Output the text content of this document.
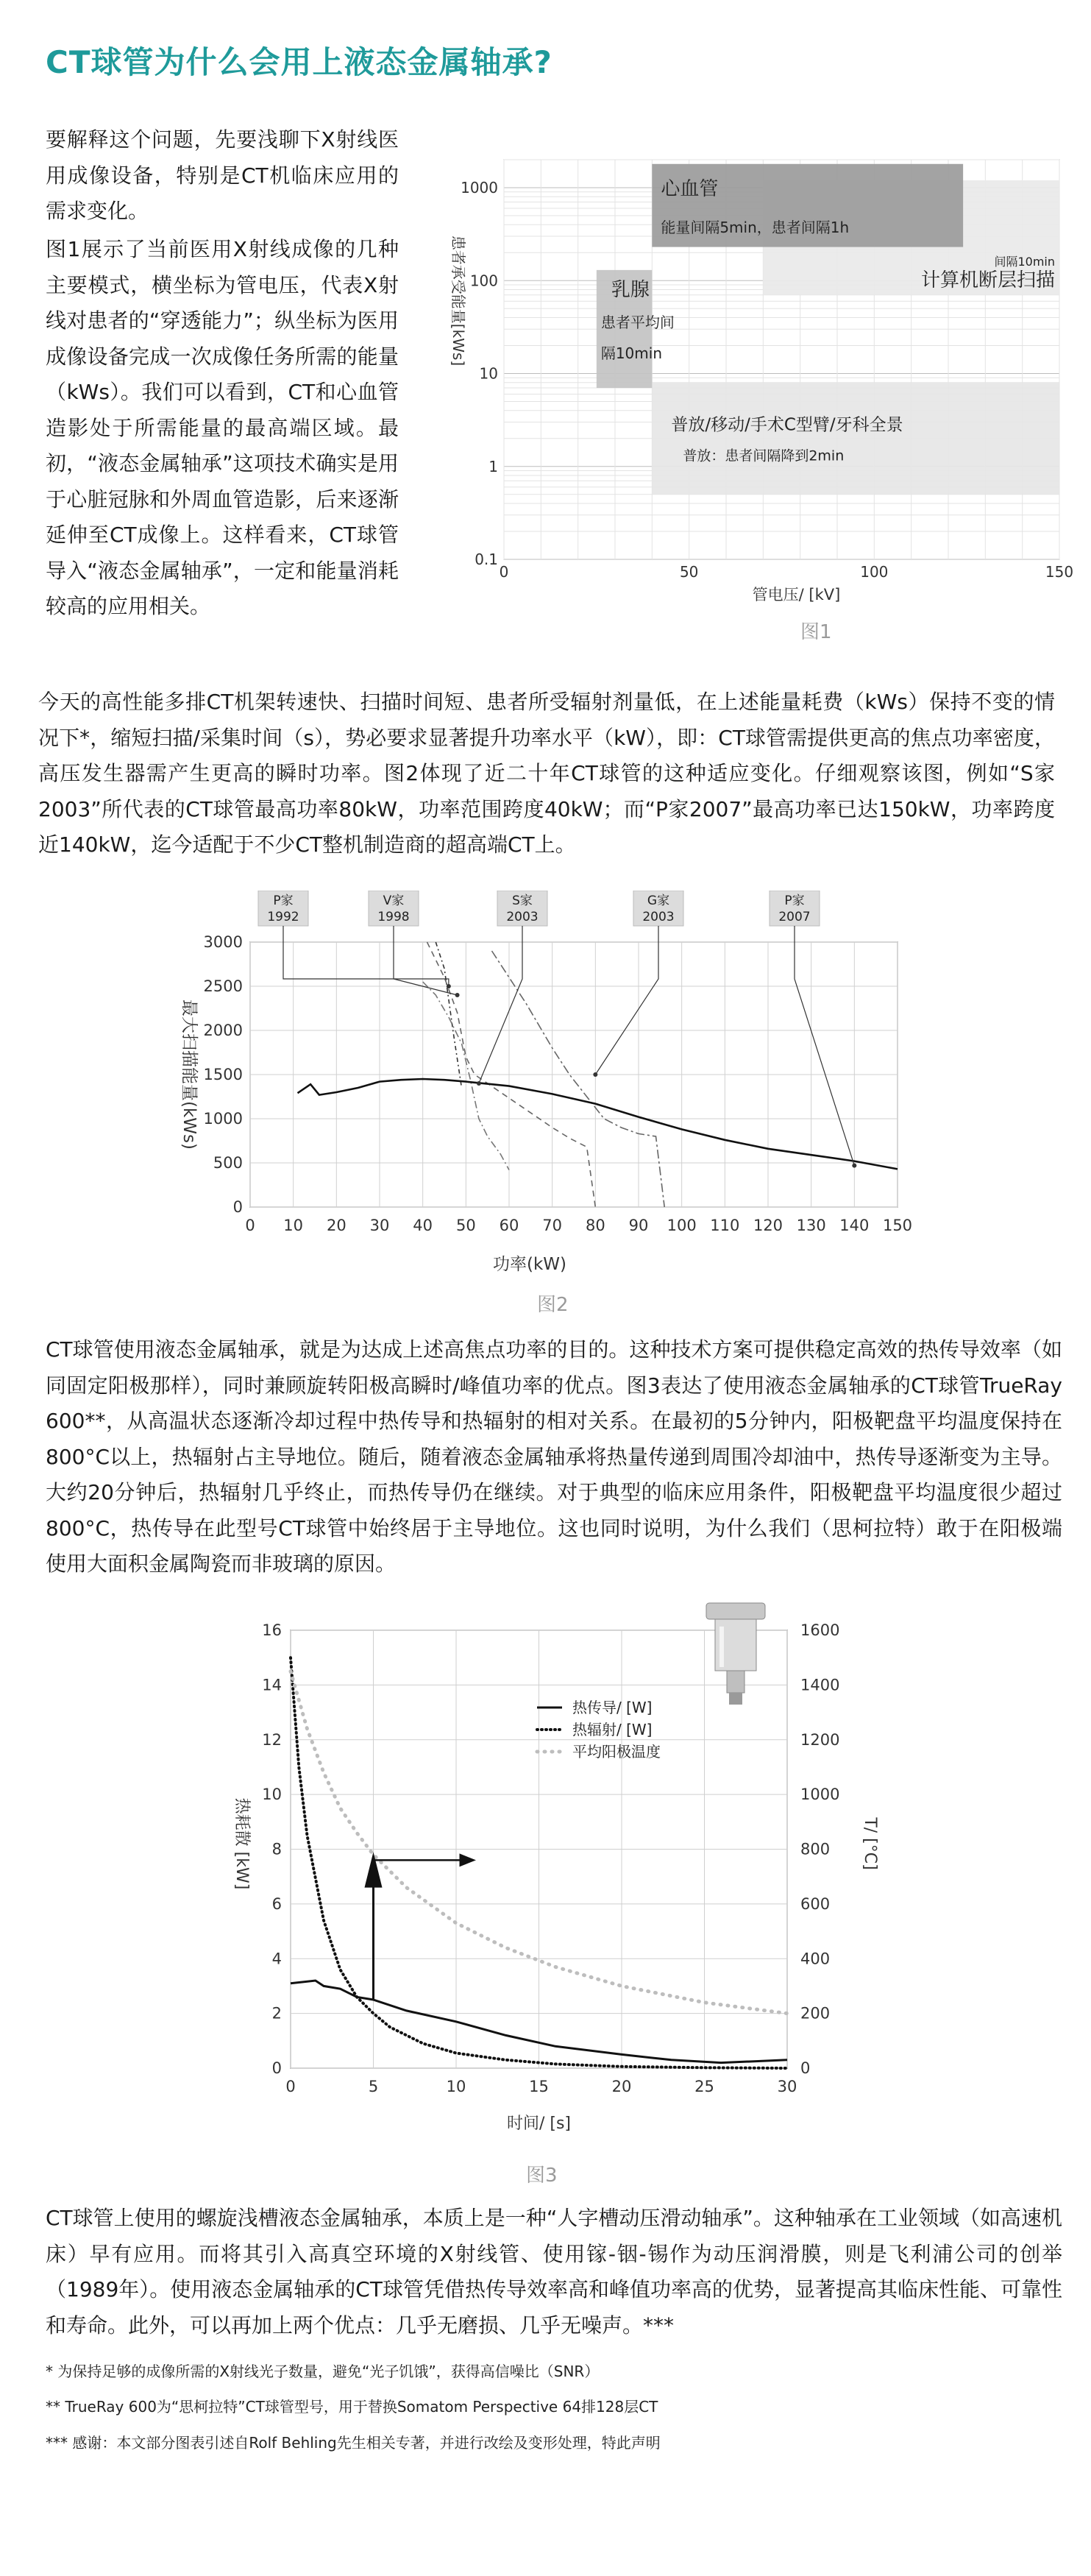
CT球管为什么会用上液态金属轴承?
要解释这个问题，先要浅聊下X射线医用成像设备，特别是CT机临床应用的需求变化。
图1展示了当前医用X射线成像的几种主要模式，横坐标为管电压，代表X射线对患者的“穿透能力”；纵坐标为医用成像设备完成一次成像任务所需的能量（kWs）。我们可以看到，CT和心血管造影处于所需能量的最高端区域。最初，“液态金属轴承”这项技术确实是用于心脏冠脉和外周血管造影，后来逐渐延伸至CT成像上。这样看来，CT球管导入“液态金属轴承”，一定和能量消耗较高的应用相关。
心血管
能量间隔5min，患者间隔1h
间隔10min
计算机断层扫描
乳腺
患者平均间
隔10min
普放/移动/手术C型臂/牙科全景
普放：患者间隔降到2min
0.1
1
10
100
1000
0	50	100	150
管电压/ [kV]
患者承受能量[kWs]
图1
今天的高性能多排CT机架转速快、扫描时间短、患者所受辐射剂量低，在上述能量耗费（kWs）保持不变的情况下*，缩短扫描/采集时间（s），势必要求显著提升功率水平（kW），即：CT球管需提供更高的焦点功率密度，高压发生器需产生更高的瞬时功率。图2体现了近二十年CT球管的这种适应变化。仔细观察该图，例如“S家 2003”所代表的CT球管最高功率80kW，功率范围跨度40kW；而“P家2007”最高功率已达150kW，功率跨度近140kW，迄今适配于不少CT整机制造商的超高端CT上。
0 10 20 30 40 50 60 70 80 90 100 110 120 130 140 150
0
500
1000
1500
2000
2500
3000
功率(kW)
最大扫描能量(kWs)
P家
1992
V家
1998
S家
2003
G家
2003
P家
2007
图2
CT球管使用液态金属轴承，就是为达成上述高焦点功率的目的。这种技术方案可提供稳定高效的热传导效率（如同固定阳极那样），同时兼顾旋转阳极高瞬时/峰值功率的优点。图3表达了使用液态金属轴承的CT球管TrueRay 600**，从高温状态逐渐冷却过程中热传导和热辐射的相对关系。在最初的5分钟内，阳极靶盘平均温度保持在800°C以上，热辐射占主导地位。随后，随着液态金属轴承将热量传递到周围冷却油中，热传导逐渐变为主导。大约20分钟后，热辐射几乎终止，而热传导仍在继续。对于典型的临床应用条件，阳极靶盘平均温度很少超过800°C，热传导在此型号CT球管中始终居于主导地位。这也同时说明，为什么我们（思柯拉特）敢于在阳极端使用大面积金属陶瓷而非玻璃的原因。
0	5	10	15	20	25	30
0
2
4
6
8
10
12
14
16
0
200
400
600
800
1000
1200
1400
1600
时间/ [s]
热耗散 [kW]	T/ [°C]
热传导/ [W]
热辐射/ [W]
平均阳极温度
图3
CT球管上使用的螺旋浅槽液态金属轴承，本质上是一种“人字槽动压滑动轴承”。这种轴承在工业领域（如高速机床）早有应用。而将其引入高真空环境的X射线管、使用镓-铟-锡作为动压润滑膜，则是飞利浦公司的创举（1989年）。使用液态金属轴承的CT球管凭借热传导效率高和峰值功率高的优势，显著提高其临床性能、可靠性和寿命。此外，可以再加上两个优点：几乎无磨损、几乎无噪声。***
* 为保持足够的成像所需的X射线光子数量，避免“光子饥饿”，获得高信噪比（SNR）
** TrueRay 600为“思柯拉特”CT球管型号，用于替换Somatom Perspective 64排128层CT
*** 感谢：本文部分图表引述自Rolf Behling先生相关专著，并进行改绘及变形处理，特此声明
